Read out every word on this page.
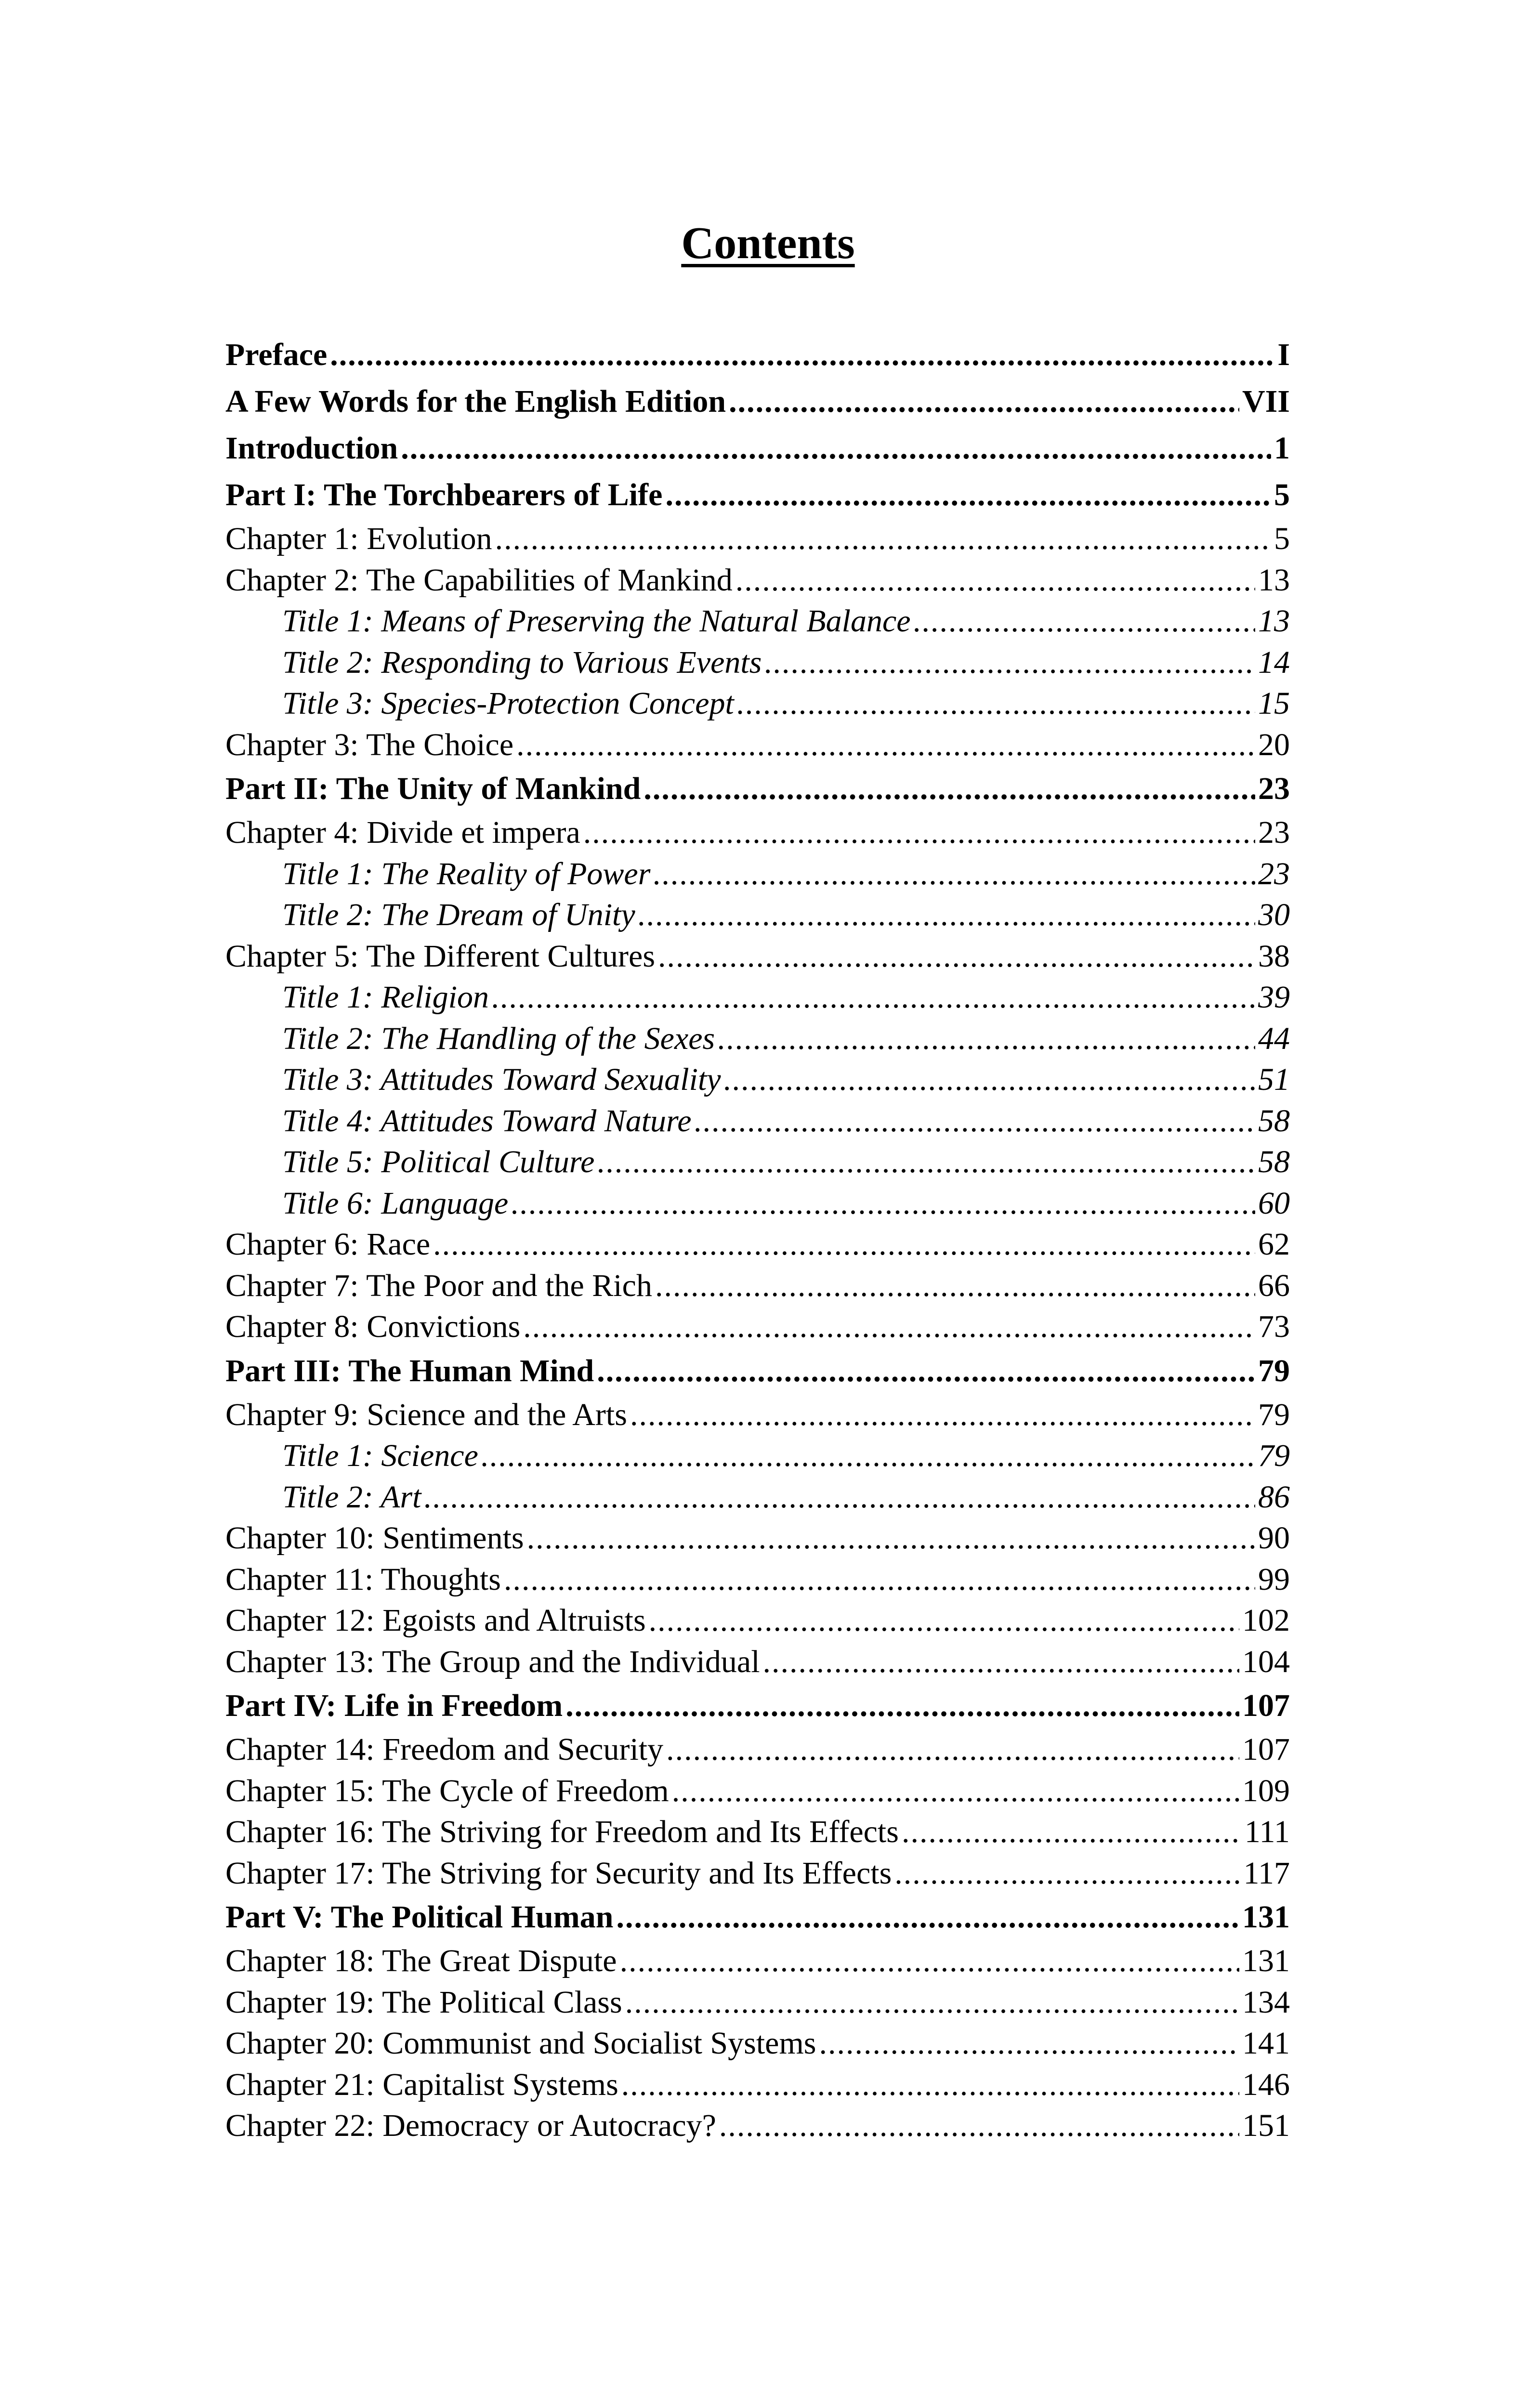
Contents
Preface .....	I
A Few Words for the English Edition .....	VII
Introduction .....	1
Part I: The Torchbearers of Life .....	5
Chapter 1: Evolution .....	5
Chapter 2: The Capabilities of Mankind .....	13
Title 1: Means of Preserving the Natural Balance .....	13
Title 2: Responding to Various Events .....	14
Title 3: Species-Protection Concept .....	15
Chapter 3: The Choice .....	20
Part II: The Unity of Mankind .....	23
Chapter 4: Divide et impera .....	23
Title 1: The Reality of Power .....	23
Title 2: The Dream of Unity .....	30
Chapter 5: The Different Cultures .....	38
Title 1: Religion .....	39
Title 2: The Handling of the Sexes .....	44
Title 3: Attitudes Toward Sexuality .....	51
Title 4: Attitudes Toward Nature .....	58
Title 5: Political Culture .....	58
Title 6: Language .....	60
Chapter 6: Race .....	62
Chapter 7: The Poor and the Rich .....	66
Chapter 8: Convictions .....	73
Part III: The Human Mind .....	79
Chapter 9: Science and the Arts .....	79
Title 1: Science .....	79
Title 2: Art .....	86
Chapter 10: Sentiments .....	90
Chapter 11: Thoughts .....	99
Chapter 12: Egoists and Altruists .....	102
Chapter 13: The Group and the Individual .....	104
Part IV: Life in Freedom .....	107
Chapter 14: Freedom and Security .....	107
Chapter 15: The Cycle of Freedom .....	109
Chapter 16: The Striving for Freedom and Its Effects .....	111
Chapter 17: The Striving for Security and Its Effects .....	117
Part V: The Political Human .....	131
Chapter 18: The Great Dispute .....	131
Chapter 19: The Political Class .....	134
Chapter 20: Communist and Socialist Systems .....	141
Chapter 21: Capitalist Systems .....	146
Chapter 22: Democracy or Autocracy? .....	151
